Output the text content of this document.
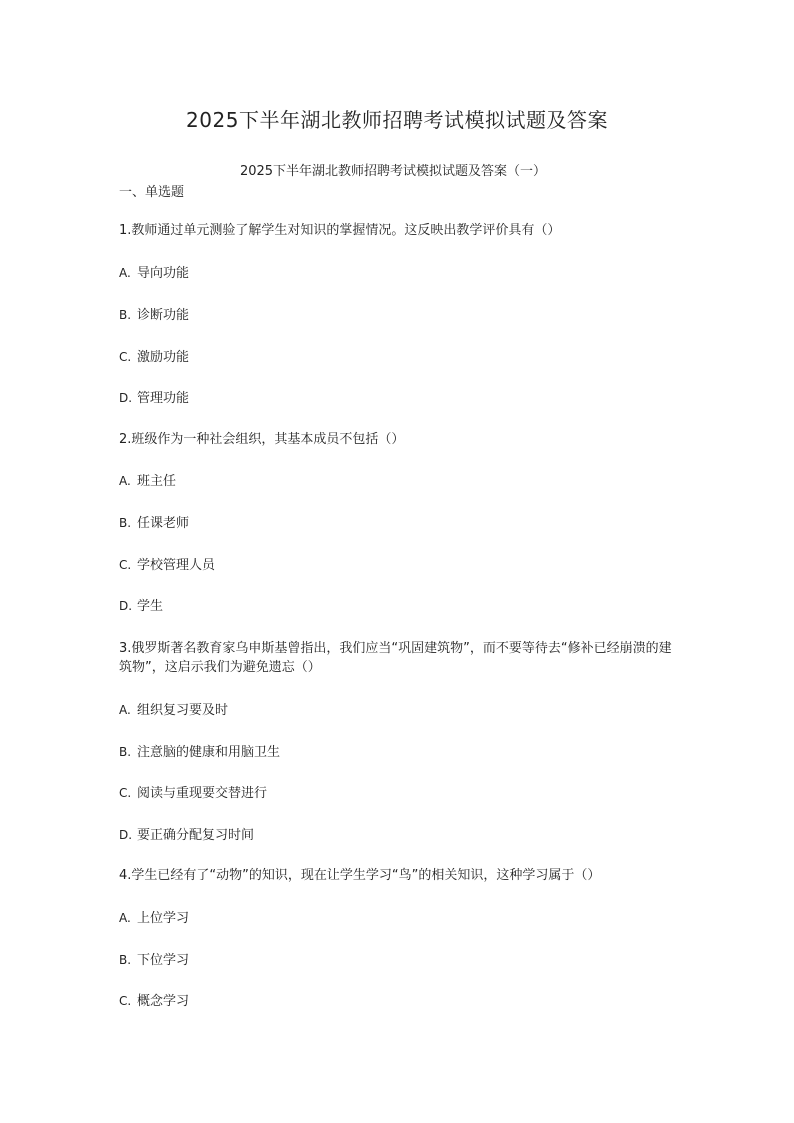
2025下半年湖北教师招聘考试模拟试题及答案
2025下半年湖北教师招聘考试模拟试题及答案（一）
一、单选题
1.教师通过单元测验了解学生对知识的掌握情况。这反映出教学评价具有（）
A. 导向功能
B. 诊断功能
C. 激励功能
D. 管理功能
2.班级作为一种社会组织，其基本成员不包括（）
A. 班主任
B. 任课老师
C. 学校管理人员
D. 学生
3.俄罗斯著名教育家乌申斯基曾指出，我们应当“巩固建筑物”，而不要等待去“修补已经崩溃的建筑物”，这启示我们为避免遗忘（）
A. 组织复习要及时
B. 注意脑的健康和用脑卫生
C. 阅读与重现要交替进行
D. 要正确分配复习时间
4.学生已经有了“动物”的知识，现在让学生学习“鸟”的相关知识，这种学习属于（）
A. 上位学习
B. 下位学习
C. 概念学习
